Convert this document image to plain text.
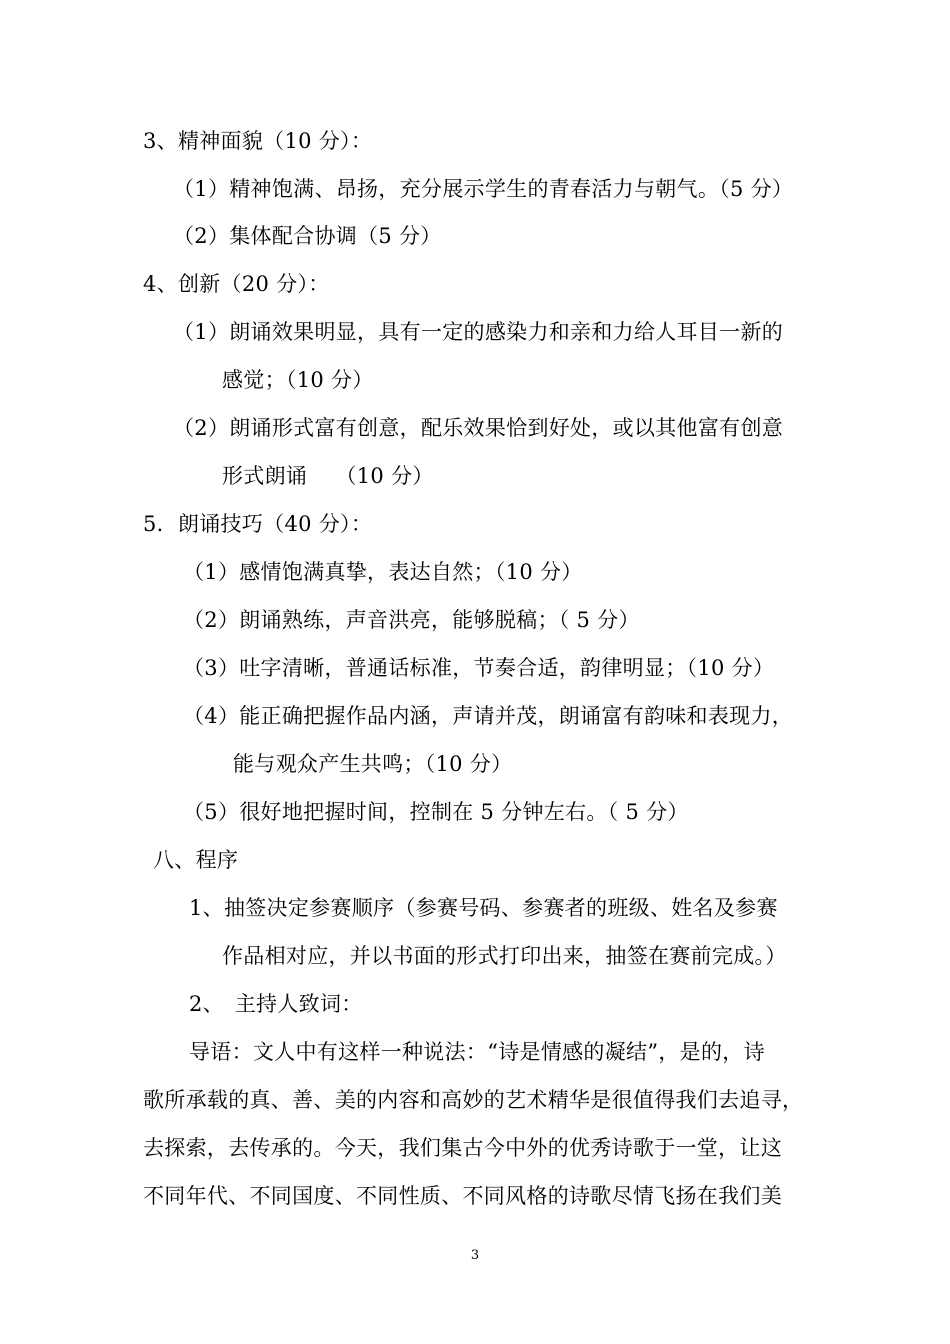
3、精神面貌（10 分）：
（1）精神饱满、昂扬，充分展示学生的青春活力与朝气。（5 分）
（2）集体配合协调（5 分）
4、创新（20 分）：
（1）朗诵效果明显，具有一定的感染力和亲和力给人耳目一新的
感觉；（10 分）
（2）朗诵形式富有创意，配乐效果恰到好处，或以其他富有创意
形式朗诵　 （10 分）
5．朗诵技巧（40 分）：
（1）感情饱满真挚，表达自然；（10 分）
（2）朗诵熟练，声音洪亮，能够脱稿；（ 5 分）
（3）吐字清晰，普通话标准，节奏合适，韵律明显；（10 分）
（4）能正确把握作品内涵，声请并茂，朗诵富有韵味和表现力，
能与观众产生共鸣；（10 分）
（5）很好地把握时间，控制在 5 分钟左右。（ 5 分）
八、程序
1、抽签决定参赛顺序（参赛号码、参赛者的班级、姓名及参赛
作品相对应，并以书面的形式打印出来，抽签在赛前完成。）
2、　主持人致词：
导语：文人中有这样一种说法：“诗是情感的凝结”，是的，诗
歌所承载的真、善、美的内容和高妙的艺术精华是很值得我们去追寻，
去探索，去传承的。今天，我们集古今中外的优秀诗歌于一堂，让这
不同年代、不同国度、不同性质、不同风格的诗歌尽情飞扬在我们美
3
